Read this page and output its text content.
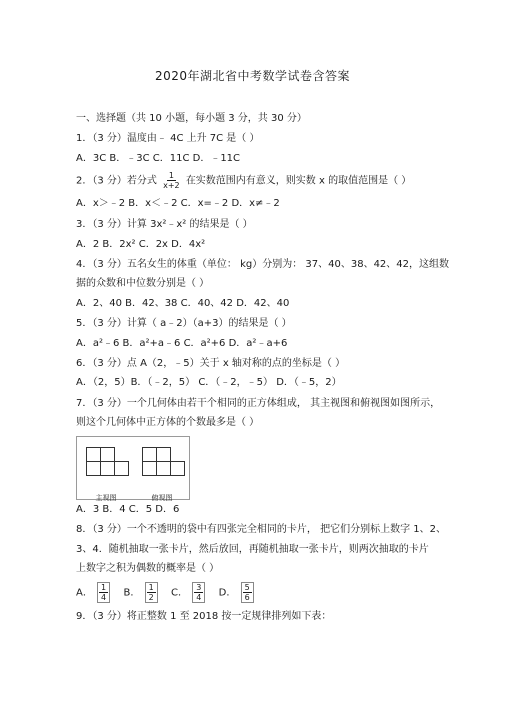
2020年湖北省中考数学试卷含答案
一、选择题（共 10 小题，每小题 3 分，共 30 分）
1．（3 分）温度由﹣ 4C 上升 7C 是（ ）
A．3C B．﹣3C C．11C D．﹣11C
2．（3 分）若分式 $\frac{1}{x+2}$ 在实数范围内有意义，则实数 x 的取值范围是（ ）
A．x＞﹣2 B．x＜﹣2 C．x=﹣2 D．x≠﹣2
3．（3 分）计算 3x²﹣x² 的结果是（ ）
A．2 B．2x² C．2x D．4x²
4．（3 分）五名女生的体重（单位： kg）分别为： 37、40、38、42、42，这组数
据的众数和中位数分别是（ ）
A．2、40 B．42、38 C．40、42 D．42、40
5．（3 分）计算（ a﹣2）（a+3）的结果是（ ）
A．a²﹣6 B．a²+a﹣6 C．a²+6 D．a²﹣a+6
6．（3 分）点 A（2，﹣5）关于 x 轴对称的点的坐标是（ ）
A．（2，5）B．（﹣2，5） C．（﹣2，﹣5） D．（﹣5，2）
7．（3 分）一个几何体由若干个相同的正方体组成， 其主视图和俯视图如图所示，
则这个几何体中正方体的个数最多是（ ）
主视图	俯视图
A．3 B．4 C．5 D．6
8．（3 分）一个不透明的袋中有四张完全相同的卡片， 把它们分别标上数字 1、2、
3、4．随机抽取一张卡片，然后放回，再随机抽取一张卡片，则两次抽取的卡片
上数字之积为偶数的概率是（ ）
A． $\frac{1}{4}$ B． $\frac{1}{2}$ C． $\frac{3}{4}$ D． $\frac{5}{6}$
9．（3 分）将正整数 1 至 2018 按一定规律排列如下表：
